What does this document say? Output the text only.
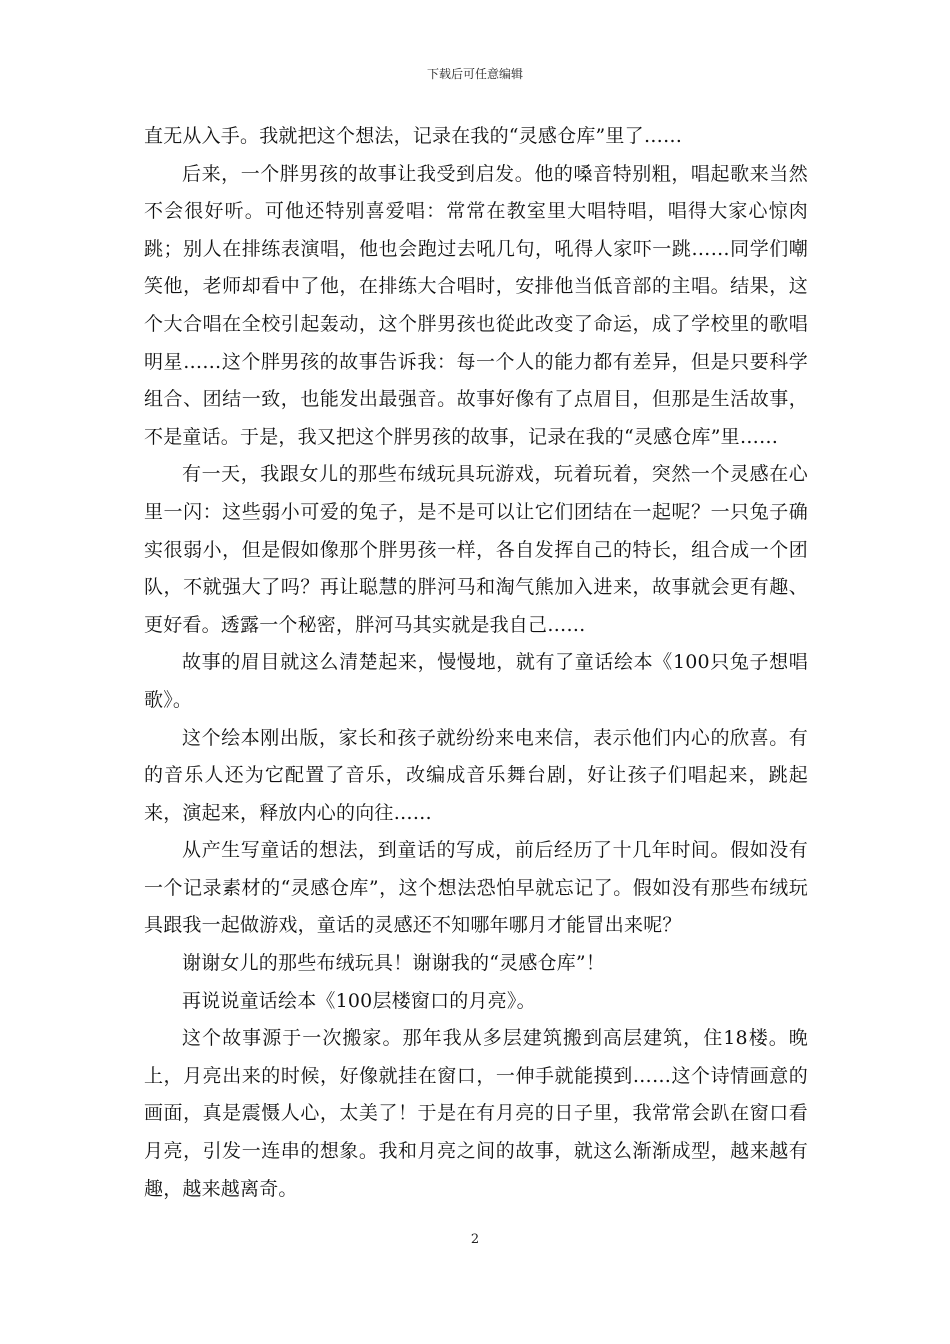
下载后可任意编辑

直无从入手。我就把这个想法，记录在我的“灵感仓库”里了……

后来，一个胖男孩的故事让我受到启发。他的嗓音特别粗，唱起歌来当然不会很好听。可他还特别喜爱唱：常常在教室里大唱特唱，唱得大家心惊肉跳；别人在排练表演唱，他也会跑过去吼几句，吼得人家吓一跳……同学们嘲笑他，老师却看中了他，在排练大合唱时，安排他当低音部的主唱。结果，这个大合唱在全校引起轰动，这个胖男孩也從此改变了命运，成了学校里的歌唱明星……这个胖男孩的故事告诉我：每一个人的能力都有差异，但是只要科学组合、团结一致，也能发出最强音。故事好像有了点眉目，但那是生活故事，不是童话。于是，我又把这个胖男孩的故事，记录在我的“灵感仓库”里……

有一天，我跟女儿的那些布绒玩具玩游戏，玩着玩着，突然一个灵感在心里一闪：这些弱小可爱的兔子，是不是可以让它们团结在一起呢？一只兔子确实很弱小，但是假如像那个胖男孩一样，各自发挥自己的特长，组合成一个团队，不就强大了吗？再让聪慧的胖河马和淘气熊加入进来，故事就会更有趣、更好看。透露一个秘密，胖河马其实就是我自己……

故事的眉目就这么清楚起来，慢慢地，就有了童话绘本《100只兔子想唱歌》。

这个绘本刚出版，家长和孩子就纷纷来电来信，表示他们内心的欣喜。有的音乐人还为它配置了音乐，改编成音乐舞台剧，好让孩子们唱起来，跳起来，演起来，释放内心的向往……

从产生写童话的想法，到童话的写成，前后经历了十几年时间。假如没有一个记录素材的“灵感仓库”，这个想法恐怕早就忘记了。假如没有那些布绒玩具跟我一起做游戏，童话的灵感还不知哪年哪月才能冒出来呢？

谢谢女儿的那些布绒玩具！谢谢我的“灵感仓库”！

再说说童话绘本《100层楼窗口的月亮》。

这个故事源于一次搬家。那年我从多层建筑搬到高层建筑，住18楼。晚上，月亮出来的时候，好像就挂在窗口，一伸手就能摸到……这个诗情画意的画面，真是震慑人心，太美了！于是在有月亮的日子里，我常常会趴在窗口看月亮，引发一连串的想象。我和月亮之间的故事，就这么渐渐成型，越来越有趣，越来越离奇。

2
